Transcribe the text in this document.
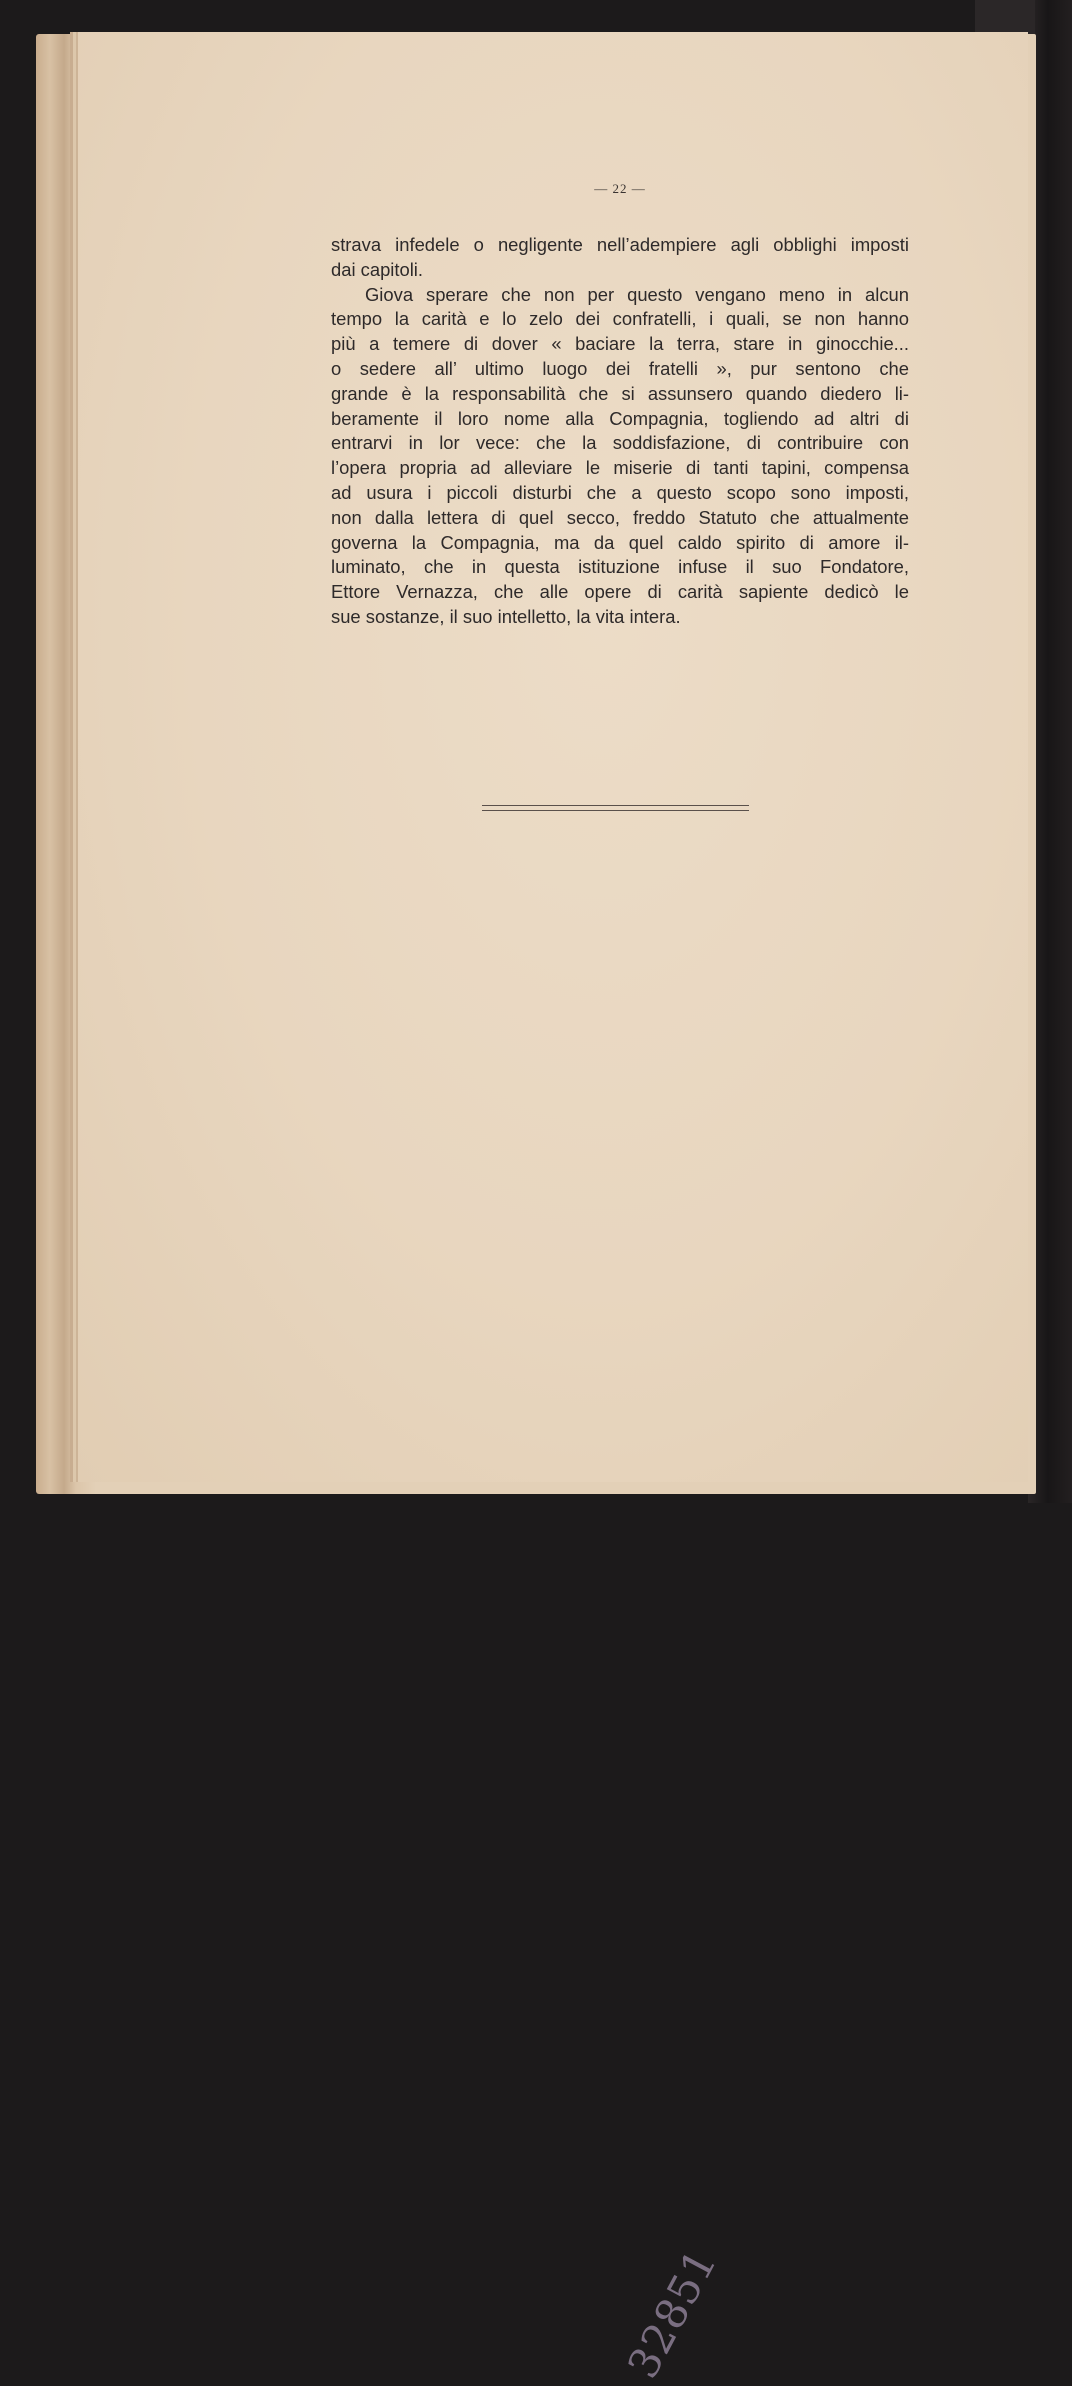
— 22 —
strava infedele o negligente nell’adempiere agli obblighi imposti
dai capitoli.
Giova sperare che non per questo vengano meno in alcun
tempo la carità e lo zelo dei confratelli, i quali, se non hanno
più a temere di dover « baciare la terra, stare in ginocchie...
o sedere all’ ultimo luogo dei fratelli », pur sentono che
grande è la responsabilità che si assunsero quando diedero li-
beramente il loro nome alla Compagnia, togliendo ad altri di
entrarvi in lor vece: che la soddisfazione, di contribuire con
l’opera propria ad alleviare le miserie di tanti tapini, compensa
ad usura i piccoli disturbi che a questo scopo sono imposti,
non dalla lettera di quel secco, freddo Statuto che attualmente
governa la Compagnia, ma da quel caldo spirito di amore il-
luminato, che in questa istituzione infuse il suo Fondatore,
Ettore Vernazza, che alle opere di carità sapiente dedicò le
sue sostanze, il suo intelletto, la vita intera.
32851
